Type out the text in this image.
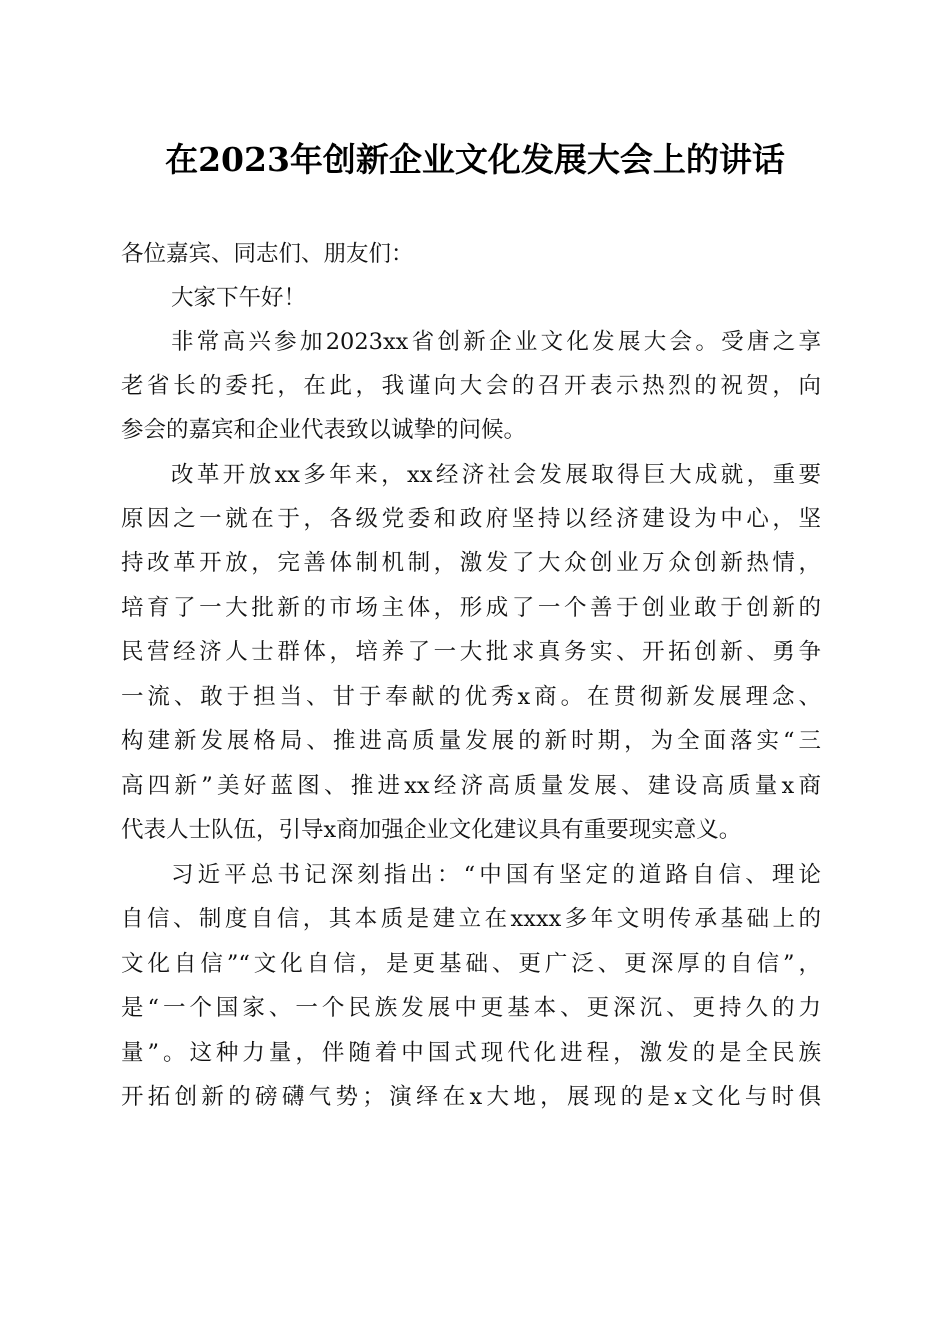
在2023年创新企业文化发展大会上的讲话
各位嘉宾、同志们、朋友们：
大家下午好！
非常高兴参加2023xx省创新企业文化发展大会。受唐之享
老省长的委托，在此，我谨向大会的召开表示热烈的祝贺，向
参会的嘉宾和企业代表致以诚挚的问候。
改革开放xx多年来，xx经济社会发展取得巨大成就，重要
原因之一就在于，各级党委和政府坚持以经济建设为中心，坚
持改革开放，完善体制机制，激发了大众创业万众创新热情，
培育了一大批新的市场主体，形成了一个善于创业敢于创新的
民营经济人士群体，培养了一大批求真务实、开拓创新、勇争
一流、敢于担当、甘于奉献的优秀x商。在贯彻新发展理念、
构建新发展格局、推进高质量发展的新时期，为全面落实“三
高四新”美好蓝图、推进xx经济高质量发展、建设高质量x商
代表人士队伍，引导x商加强企业文化建议具有重要现实意义。
习近平总书记深刻指出：“中国有坚定的道路自信、理论
自信、制度自信，其本质是建立在xxxx多年文明传承基础上的
文化自信”“文化自信，是更基础、更广泛、更深厚的自信”，
是“一个国家、一个民族发展中更基本、更深沉、更持久的力
量”。这种力量，伴随着中国式现代化进程，激发的是全民族
开拓创新的磅礴气势；演绎在x大地，展现的是x文化与时俱
